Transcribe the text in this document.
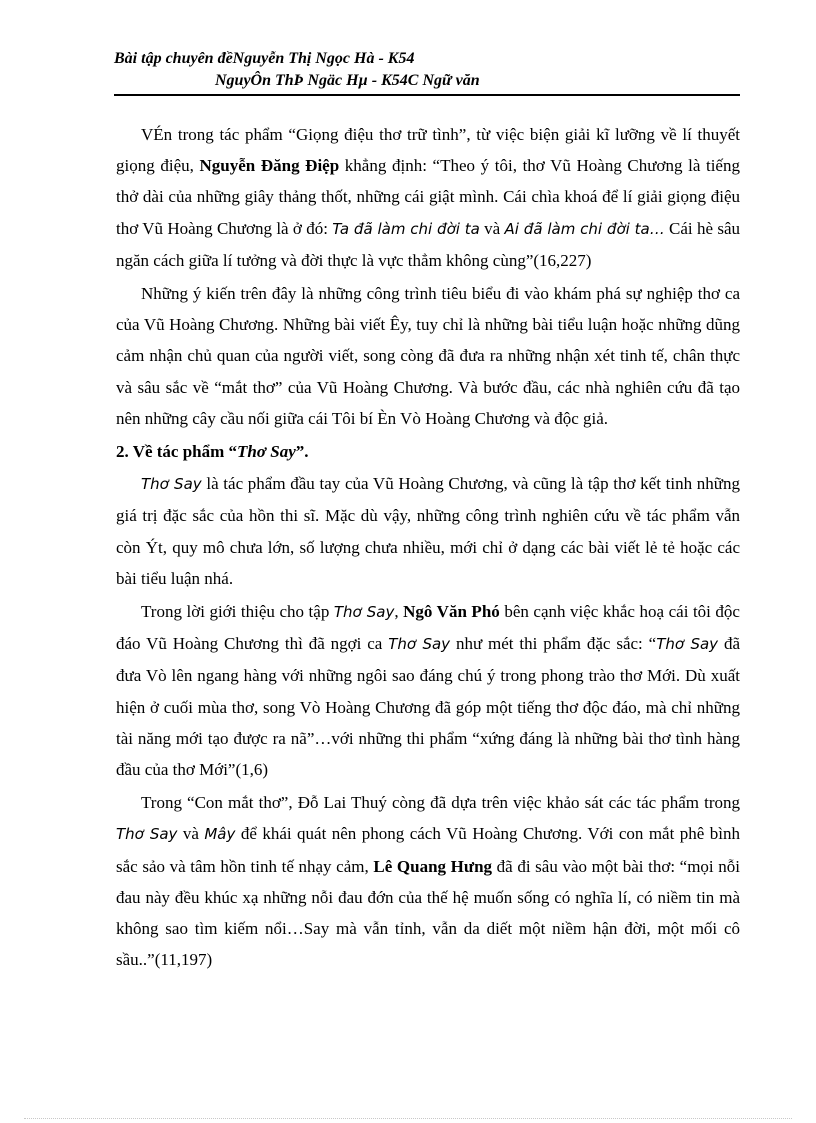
Bài tập chuyên đềNguyễn Thị Ngọc Hà - K54
NguyÔn ThÞ Ngäc Hµ - K54C Ngữ văn

VÉn trong tác phẩm “Giọng điệu thơ trữ tình”, từ việc biện giải kĩ lưỡng về lí thuyết giọng điệu, Nguyễn Đăng Điệp khẳng định: “Theo ý tôi, thơ Vũ Hoàng Chương là tiếng thở dài của những giây thảng thốt, những cái giật mình. Cái chìa khoá để lí giải giọng điệu thơ Vũ Hoàng Chương là ở đó: Ta đã làm chi đời ta và Ai đã làm chi đời ta… Cái hè sâu ngăn cách giữa lí tưởng và đời thực là vực thẳm không cùng”(16,227)

Những ý kiến trên đây là những công trình tiêu biểu đi vào khám phá sự nghiệp thơ ca của Vũ Hoàng Chương. Những bài viết Êy, tuy chỉ là những bài tiểu luận hoặc những dũng cảm nhận chủ quan của người viết, song còng đã đưa ra những nhận xét tinh tế, chân thực và sâu sắc về “mắt thơ” của Vũ Hoàng Chương. Và bước đầu, các nhà nghiên cứu đã tạo nên những cây cầu nối giữa cái Tôi bí Èn Vò Hoàng Chương và độc giả.

2. Về tác phẩm “Thơ Say”.

Thơ Say là tác phẩm đầu tay của Vũ Hoàng Chương, và cũng là tập thơ kết tinh những giá trị đặc sắc của hồn thi sĩ. Mặc dù vậy, những công trình nghiên cứu về tác phẩm vẫn còn Ýt, quy mô chưa lớn, số lượng chưa nhiều, mới chỉ ở dạng các bài viết lẻ tẻ hoặc các bài tiểu luận nhá.

Trong lời giới thiệu cho tập Thơ Say, Ngô Văn Phó bên cạnh việc khắc hoạ cái tôi độc đáo Vũ Hoàng Chương thì đã ngợi ca Thơ Say như mét thi phẩm đặc sắc: “Thơ Say đã đưa Vò lên ngang hàng với những ngôi sao đáng chú ý trong phong trào thơ Mới. Dù xuất hiện ở cuối mùa thơ, song Vò Hoàng Chương đã góp một tiếng thơ độc đáo, mà chỉ những tài năng mới tạo được ra nã”…với những thi phẩm “xứng đáng là những bài thơ tình hàng đầu của thơ Mới”(1,6)

Trong “Con mắt thơ”, Đỗ Lai Thuý còng đã dựa trên việc khảo sát các tác phẩm trong Thơ Say và Mây để khái quát nên phong cách Vũ Hoàng Chương. Với con mắt phê bình sắc sảo và tâm hồn tinh tế nhạy cảm, Lê Quang Hưng đã đi sâu vào một bài thơ: “mọi nỗi đau này đều khúc xạ những nỗi đau đớn của thế hệ muốn sống có nghĩa lí, có niềm tin mà không sao tìm kiếm nổi…Say mà vẫn tỉnh, vẫn da diết một niềm hận đời, một mối cô sầu..”(11,197)
